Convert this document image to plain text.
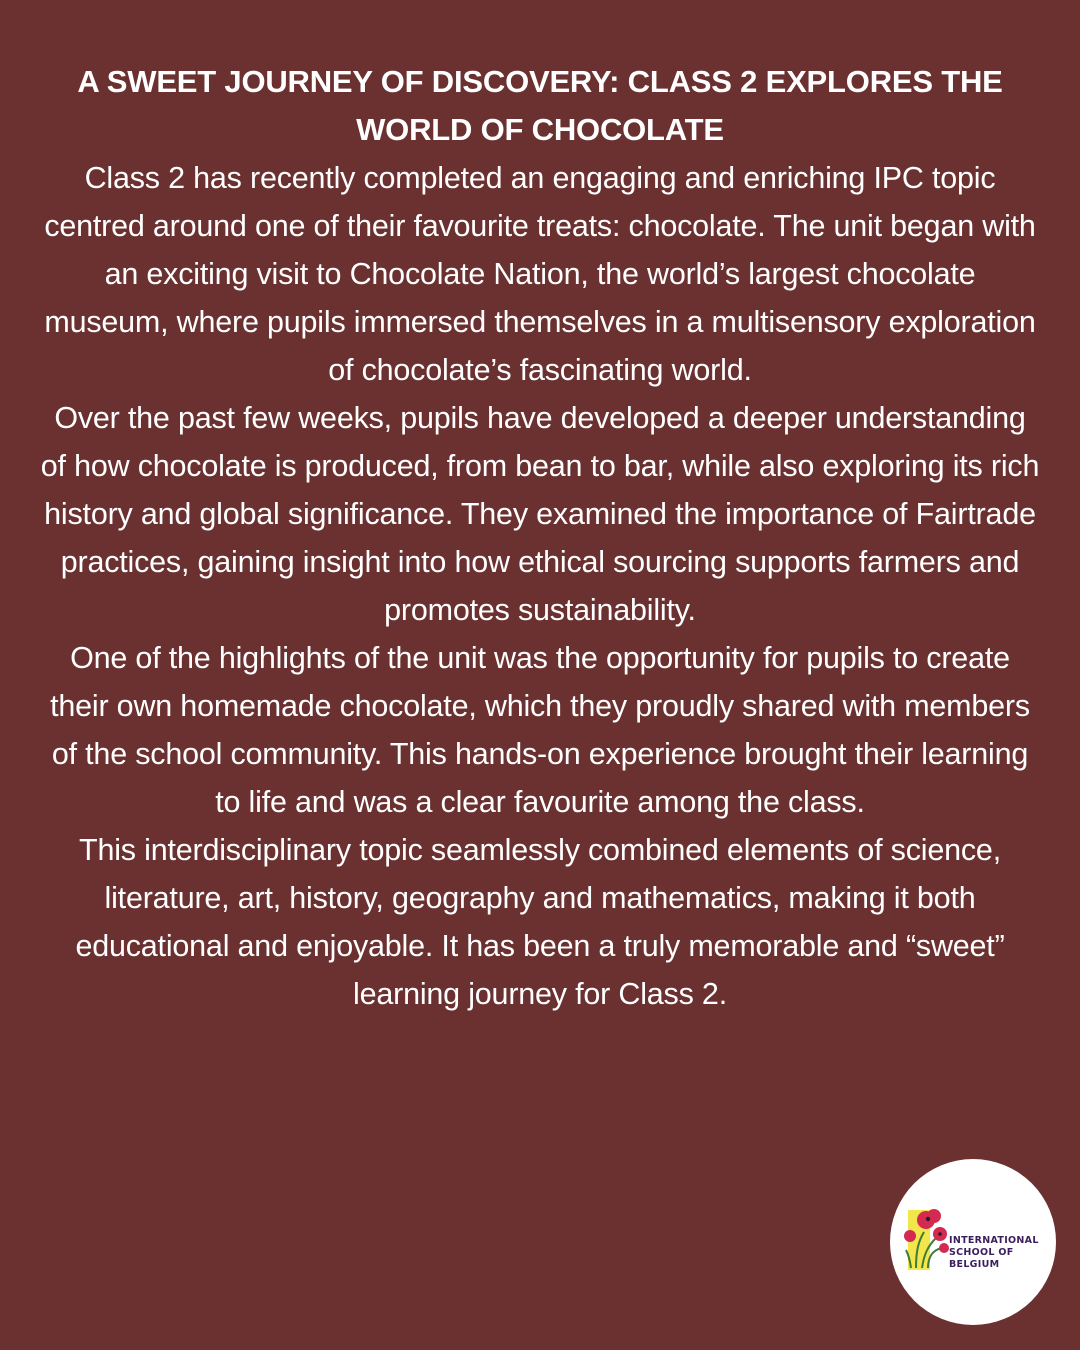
A SWEET JOURNEY OF DISCOVERY: CLASS 2 EXPLORES THE WORLD OF CHOCOLATE

Class 2 has recently completed an engaging and enriching IPC topic centred around one of their favourite treats: chocolate. The unit began with an exciting visit to Chocolate Nation, the world’s largest chocolate museum, where pupils immersed themselves in a multisensory exploration of chocolate’s fascinating world.

Over the past few weeks, pupils have developed a deeper understanding of how chocolate is produced, from bean to bar, while also exploring its rich history and global significance. They examined the importance of Fairtrade practices, gaining insight into how ethical sourcing supports farmers and promotes sustainability.

One of the highlights of the unit was the opportunity for pupils to create their own homemade chocolate, which they proudly shared with members of the school community. This hands-on experience brought their learning to life and was a clear favourite among the class.

This interdisciplinary topic seamlessly combined elements of science, literature, art, history, geography and mathematics, making it both educational and enjoyable. It has been a truly memorable and “sweet” learning journey for Class 2.

INTERNATIONAL
SCHOOL OF
BELGIUM
